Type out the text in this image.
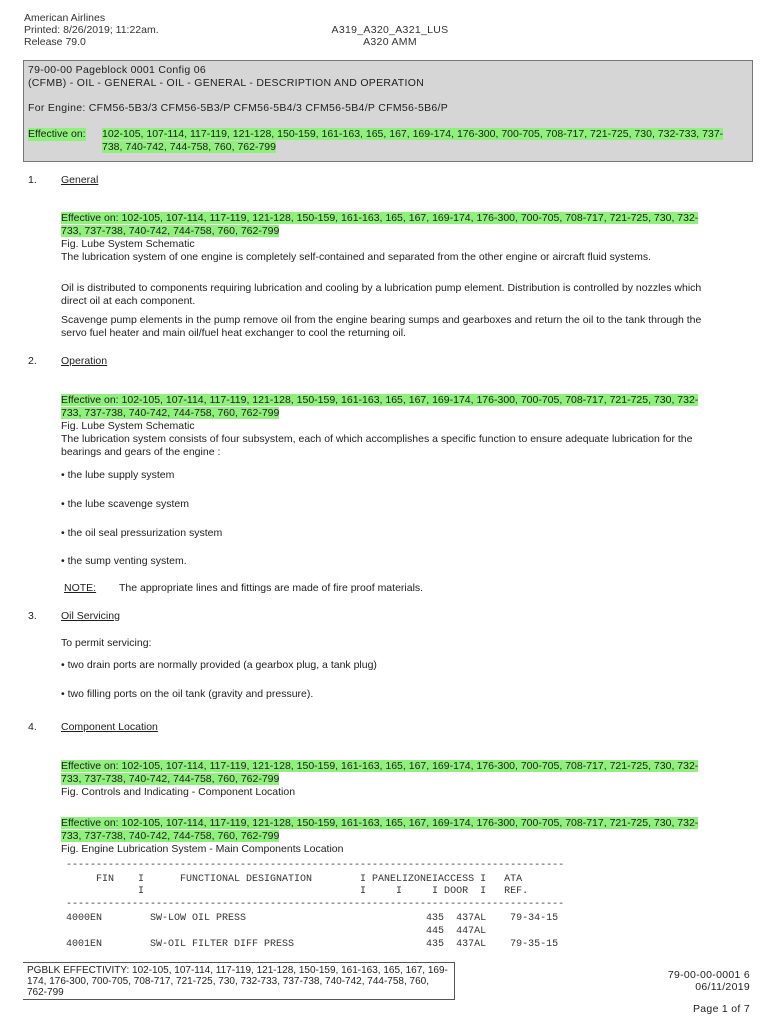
American Airlines
Printed: 8/26/2019; 11:22am.
Release 79.0
A319_A320_A321_LUS
A320 AMM
79-00-00 Pageblock 0001 Config 06
(CFMB) - OIL - GENERAL - OIL - GENERAL - DESCRIPTION AND OPERATION
For Engine: CFM56-5B3/3 CFM56-5B3/P CFM56-5B4/3 CFM56-5B4/P CFM56-5B6/P
Effective on: 102-105, 107-114, 117-119, 121-128, 150-159, 161-163, 165, 167, 169-174, 176-300, 700-705, 708-717, 721-725, 730, 732-733, 737-738, 740-742, 744-758, 760, 762-799
1. General
Effective on: 102-105, 107-114, 117-119, 121-128, 150-159, 161-163, 165, 167, 169-174, 176-300, 700-705, 708-717, 721-725, 730, 732-733, 737-738, 740-742, 744-758, 760, 762-799
Fig. Lube System Schematic
The lubrication system of one engine is completely self-contained and separated from the other engine or aircraft fluid systems.
Oil is distributed to components requiring lubrication and cooling by a lubrication pump element. Distribution is controlled by nozzles which direct oil at each component.
Scavenge pump elements in the pump remove oil from the engine bearing sumps and gearboxes and return the oil to the tank through the servo fuel heater and main oil/fuel heat exchanger to cool the returning oil.
2. Operation
Effective on: 102-105, 107-114, 117-119, 121-128, 150-159, 161-163, 165, 167, 169-174, 176-300, 700-705, 708-717, 721-725, 730, 732-733, 737-738, 740-742, 744-758, 760, 762-799
Fig. Lube System Schematic
The lubrication system consists of four subsystem, each of which accomplishes a specific function to ensure adequate lubrication for the bearings and gears of the engine :
• the lube supply system
• the lube scavenge system
• the oil seal pressurization system
• the sump venting system.
NOTE: The appropriate lines and fittings are made of fire proof materials.
3. Oil Servicing
To permit servicing:
• two drain ports are normally provided (a gearbox plug, a tank plug)
• two filling ports on the oil tank (gravity and pressure).
4. Component Location
Effective on: 102-105, 107-114, 117-119, 121-128, 150-159, 161-163, 165, 167, 169-174, 176-300, 700-705, 708-717, 721-725, 730, 732-733, 737-738, 740-742, 744-758, 760, 762-799
Fig. Controls and Indicating - Component Location
Effective on: 102-105, 107-114, 117-119, 121-128, 150-159, 161-163, 165, 167, 169-174, 176-300, 700-705, 708-717, 721-725, 730, 732-733, 737-738, 740-742, 744-758, 760, 762-799
Fig. Engine Lubrication System - Main Components Location
-----------------------------------------------------------------------------------
FIN    I      FUNCTIONAL DESIGNATION        I PANELIZONEIACCESS I   ATA
I                                    I     I     I DOOR  I   REF.
-----------------------------------------------------------------------------------
4000EN        SW-LOW OIL PRESS                              435  437AL    79-34-15
445  447AL
4001EN        SW-OIL FILTER DIFF PRESS                      435  437AL    79-35-15
PGBLK EFFECTIVITY: 102-105, 107-114, 117-119, 121-128, 150-159, 161-163, 165, 167, 169-174, 176-300, 700-705, 708-717, 721-725, 730, 732-733, 737-738, 740-742, 744-758, 760, 762-799
79-00-00-0001 6
06/11/2019
Page 1 of 7
